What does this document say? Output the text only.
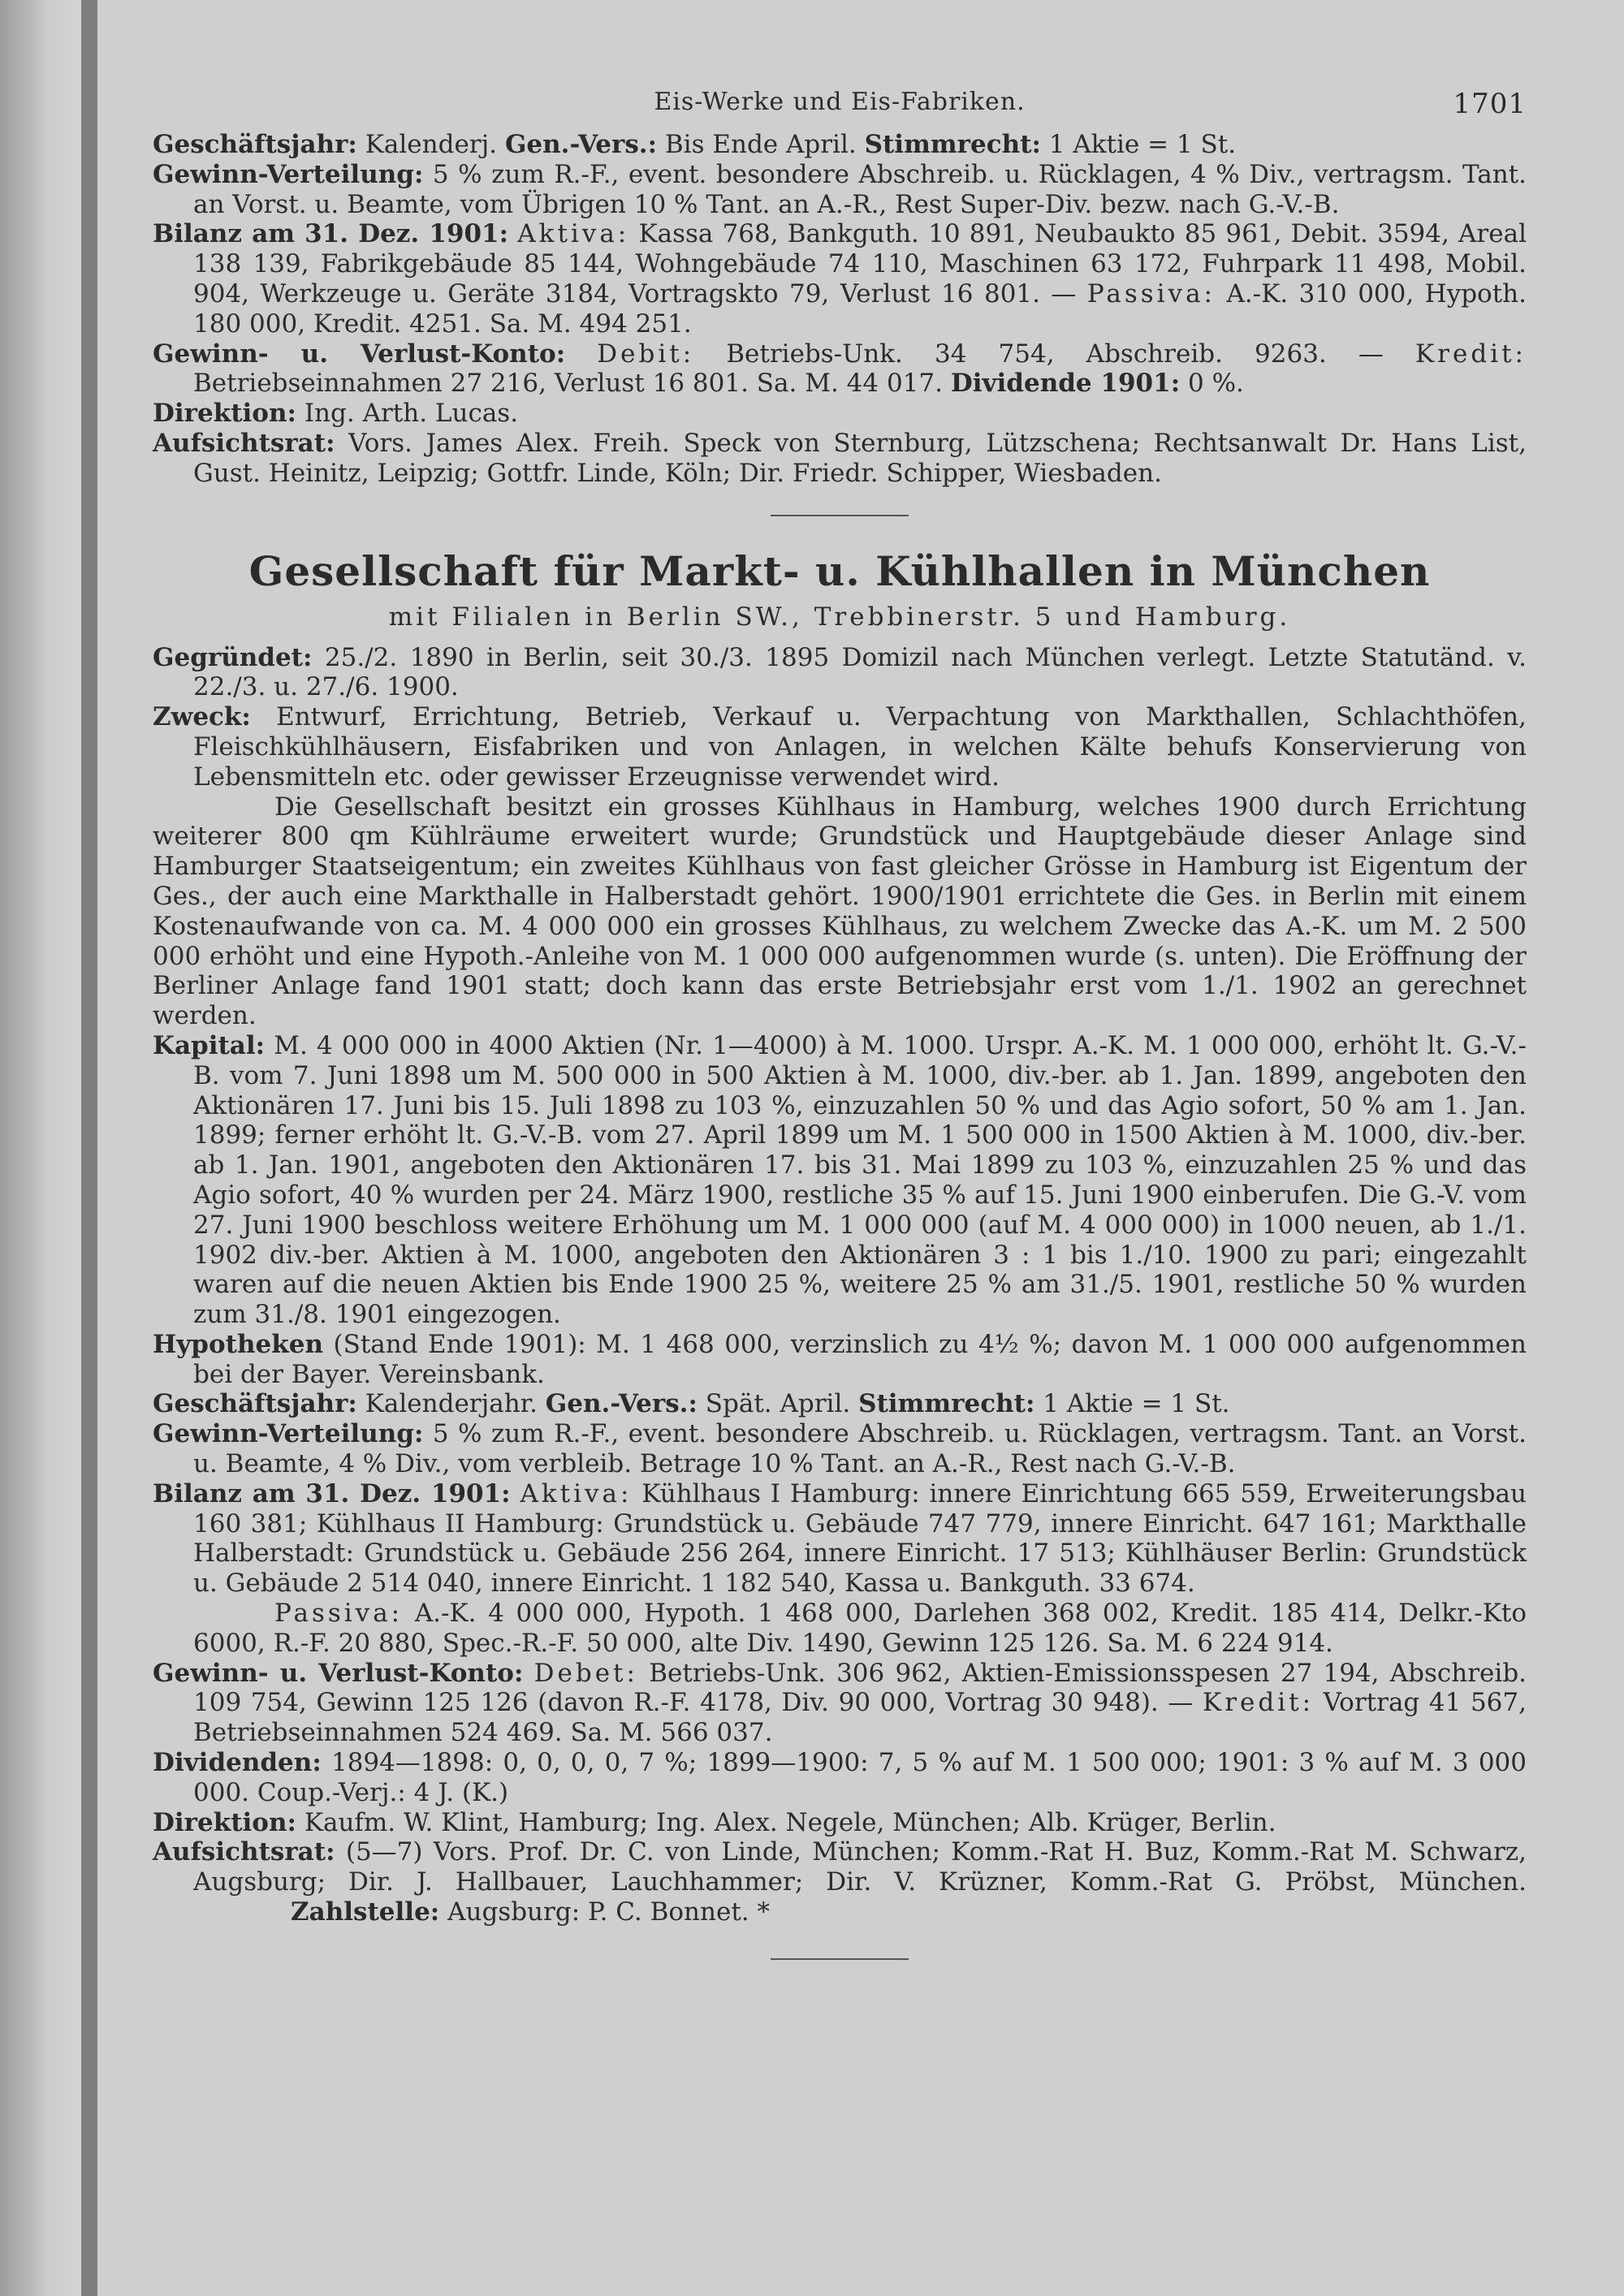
Eis-Werke und Eis-Fabriken.	1701

Geschäftsjahr: Kalenderj. Gen.-Vers.: Bis Ende April. Stimmrecht: 1 Aktie = 1 St.

Gewinn-Verteilung: 5 % zum R.-F., event. besondere Abschreib. u. Rücklagen, 4 % Div., vertragsm. Tant. an Vorst. u. Beamte, vom Übrigen 10 % Tant. an A.-R., Rest Super-Div. bezw. nach G.-V.-B.

Bilanz am 31. Dez. 1901: Aktiva: Kassa 768, Bankguth. 10 891, Neubaukto 85 961, Debit. 3594, Areal 138 139, Fabrikgebäude 85 144, Wohngebäude 74 110, Maschinen 63 172, Fuhrpark 11 498, Mobil. 904, Werkzeuge u. Geräte 3184, Vortragskto 79, Verlust 16 801. — Passiva: A.-K. 310 000, Hypoth. 180 000, Kredit. 4251. Sa. M. 494 251.

Gewinn- u. Verlust-Konto: Debit: Betriebs-Unk. 34 754, Abschreib. 9263. — Kredit: Betriebseinnahmen 27 216, Verlust 16 801. Sa. M. 44 017. Dividende 1901: 0 %.

Direktion: Ing. Arth. Lucas.

Aufsichtsrat: Vors. James Alex. Freih. Speck von Sternburg, Lützschena; Rechtsanwalt Dr. Hans List, Gust. Heinitz, Leipzig; Gottfr. Linde, Köln; Dir. Friedr. Schipper, Wiesbaden.

Gesellschaft für Markt- u. Kühlhallen in München

mit Filialen in Berlin SW., Trebbinerstr. 5 und Hamburg.

Gegründet: 25./2. 1890 in Berlin, seit 30./3. 1895 Domizil nach München verlegt. Letzte Statutänd. v. 22./3. u. 27./6. 1900.

Zweck: Entwurf, Errichtung, Betrieb, Verkauf u. Verpachtung von Markthallen, Schlachthöfen, Fleischkühlhäusern, Eisfabriken und von Anlagen, in welchen Kälte behufs Konservierung von Lebensmitteln etc. oder gewisser Erzeugnisse verwendet wird.

Die Gesellschaft besitzt ein grosses Kühlhaus in Hamburg, welches 1900 durch Errichtung weiterer 800 qm Kühlräume erweitert wurde; Grundstück und Hauptgebäude dieser Anlage sind Hamburger Staatseigentum; ein zweites Kühlhaus von fast gleicher Grösse in Hamburg ist Eigentum der Ges., der auch eine Markthalle in Halberstadt gehört. 1900/1901 errichtete die Ges. in Berlin mit einem Kostenaufwande von ca. M. 4 000 000 ein grosses Kühlhaus, zu welchem Zwecke das A.-K. um M. 2 500 000 erhöht und eine Hypoth.-Anleihe von M. 1 000 000 aufgenommen wurde (s. unten). Die Eröffnung der Berliner Anlage fand 1901 statt; doch kann das erste Betriebsjahr erst vom 1./1. 1902 an gerechnet werden.

Kapital: M. 4 000 000 in 4000 Aktien (Nr. 1—4000) à M. 1000. Urspr. A.-K. M. 1 000 000, erhöht lt. G.-V.-B. vom 7. Juni 1898 um M. 500 000 in 500 Aktien à M. 1000, div.-ber. ab 1. Jan. 1899, angeboten den Aktionären 17. Juni bis 15. Juli 1898 zu 103 %, einzuzahlen 50 % und das Agio sofort, 50 % am 1. Jan. 1899; ferner erhöht lt. G.-V.-B. vom 27. April 1899 um M. 1 500 000 in 1500 Aktien à M. 1000, div.-ber. ab 1. Jan. 1901, angeboten den Aktionären 17. bis 31. Mai 1899 zu 103 %, einzuzahlen 25 % und das Agio sofort, 40 % wurden per 24. März 1900, restliche 35 % auf 15. Juni 1900 einberufen. Die G.-V. vom 27. Juni 1900 beschloss weitere Erhöhung um M. 1 000 000 (auf M. 4 000 000) in 1000 neuen, ab 1./1. 1902 div.-ber. Aktien à M. 1000, angeboten den Aktionären 3 : 1 bis 1./10. 1900 zu pari; eingezahlt waren auf die neuen Aktien bis Ende 1900 25 %, weitere 25 % am 31./5. 1901, restliche 50 % wurden zum 31./8. 1901 eingezogen.

Hypotheken (Stand Ende 1901): M. 1 468 000, verzinslich zu 4½ %; davon M. 1 000 000 aufgenommen bei der Bayer. Vereinsbank.

Geschäftsjahr: Kalenderjahr. Gen.-Vers.: Spät. April. Stimmrecht: 1 Aktie = 1 St.

Gewinn-Verteilung: 5 % zum R.-F., event. besondere Abschreib. u. Rücklagen, vertragsm. Tant. an Vorst. u. Beamte, 4 % Div., vom verbleib. Betrage 10 % Tant. an A.-R., Rest nach G.-V.-B.

Bilanz am 31. Dez. 1901: Aktiva: Kühlhaus I Hamburg: innere Einrichtung 665 559, Erweiterungsbau 160 381; Kühlhaus II Hamburg: Grundstück u. Gebäude 747 779, innere Einricht. 647 161; Markthalle Halberstadt: Grundstück u. Gebäude 256 264, innere Einricht. 17 513; Kühlhäuser Berlin: Grundstück u. Gebäude 2 514 040, innere Einricht. 1 182 540, Kassa u. Bankguth. 33 674.

Passiva: A.-K. 4 000 000, Hypoth. 1 468 000, Darlehen 368 002, Kredit. 185 414, Delkr.-Kto 6000, R.-F. 20 880, Spec.-R.-F. 50 000, alte Div. 1490, Gewinn 125 126. Sa. M. 6 224 914.

Gewinn- u. Verlust-Konto: Debet: Betriebs-Unk. 306 962, Aktien-Emissionsspesen 27 194, Abschreib. 109 754, Gewinn 125 126 (davon R.-F. 4178, Div. 90 000, Vortrag 30 948). — Kredit: Vortrag 41 567, Betriebseinnahmen 524 469. Sa. M. 566 037.

Dividenden: 1894—1898: 0, 0, 0, 0, 7 %; 1899—1900: 7, 5 % auf M. 1 500 000; 1901: 3 % auf M. 3 000 000. Coup.-Verj.: 4 J. (K.)

Direktion: Kaufm. W. Klint, Hamburg; Ing. Alex. Negele, München; Alb. Krüger, Berlin.

Aufsichtsrat: (5—7) Vors. Prof. Dr. C. von Linde, München; Komm.-Rat H. Buz, Komm.-Rat M. Schwarz, Augsburg; Dir. J. Hallbauer, Lauchhammer; Dir. V. Krüzner, Komm.-Rat G. Pröbst, München. Zahlstelle: Augsburg: P. C. Bonnet. *
